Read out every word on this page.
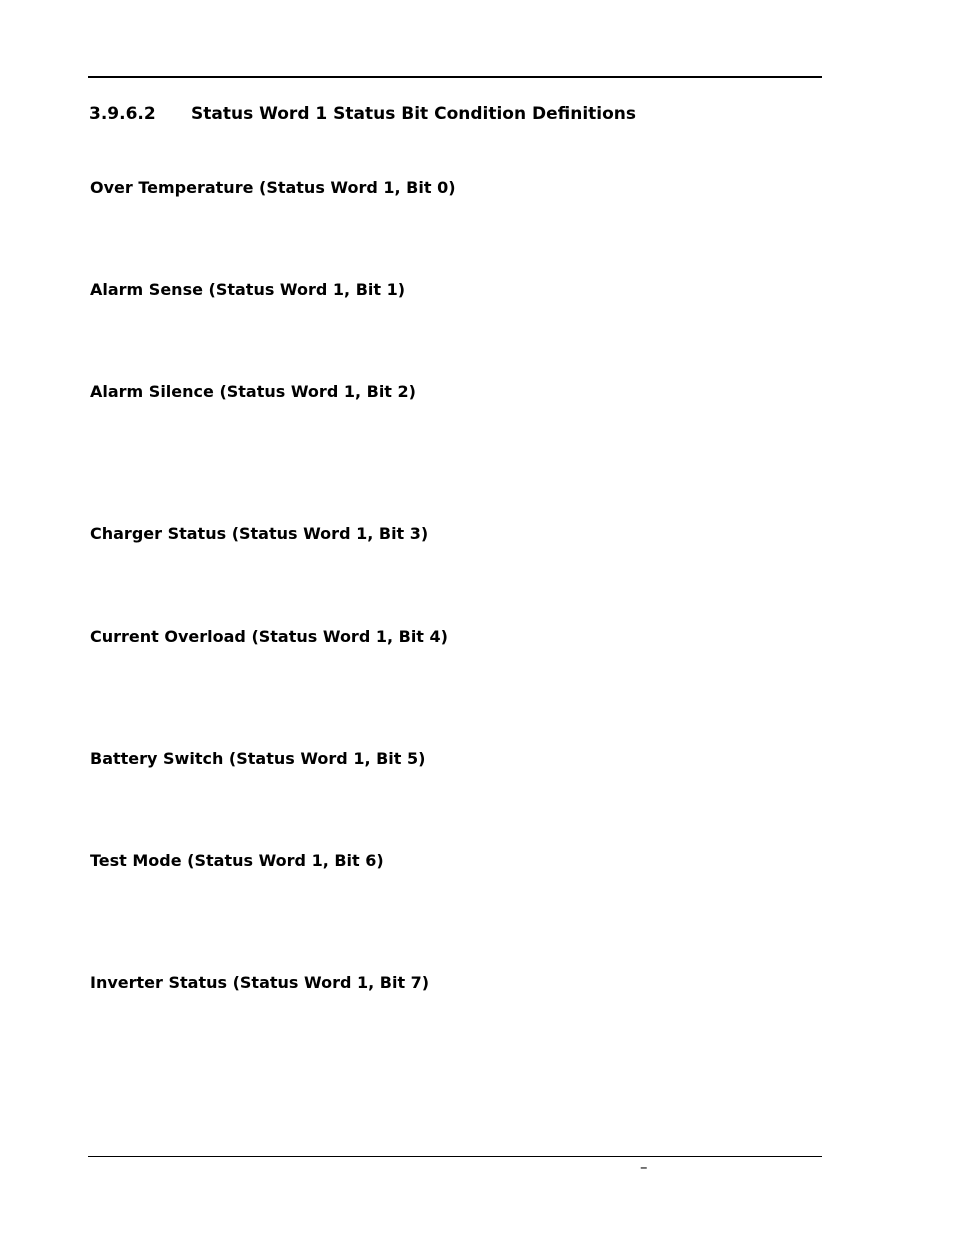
3.9.6.2 Status Word 1 Status Bit Condition Definitions
Over Temperature (Status Word 1, Bit 0)
Alarm Sense (Status Word 1, Bit 1)
Alarm Silence (Status Word 1, Bit 2)
Charger Status (Status Word 1, Bit 3)
Current Overload (Status Word 1, Bit 4)
Battery Switch (Status Word 1, Bit 5)
Test Mode (Status Word 1, Bit 6)
Inverter Status (Status Word 1, Bit 7)
–
